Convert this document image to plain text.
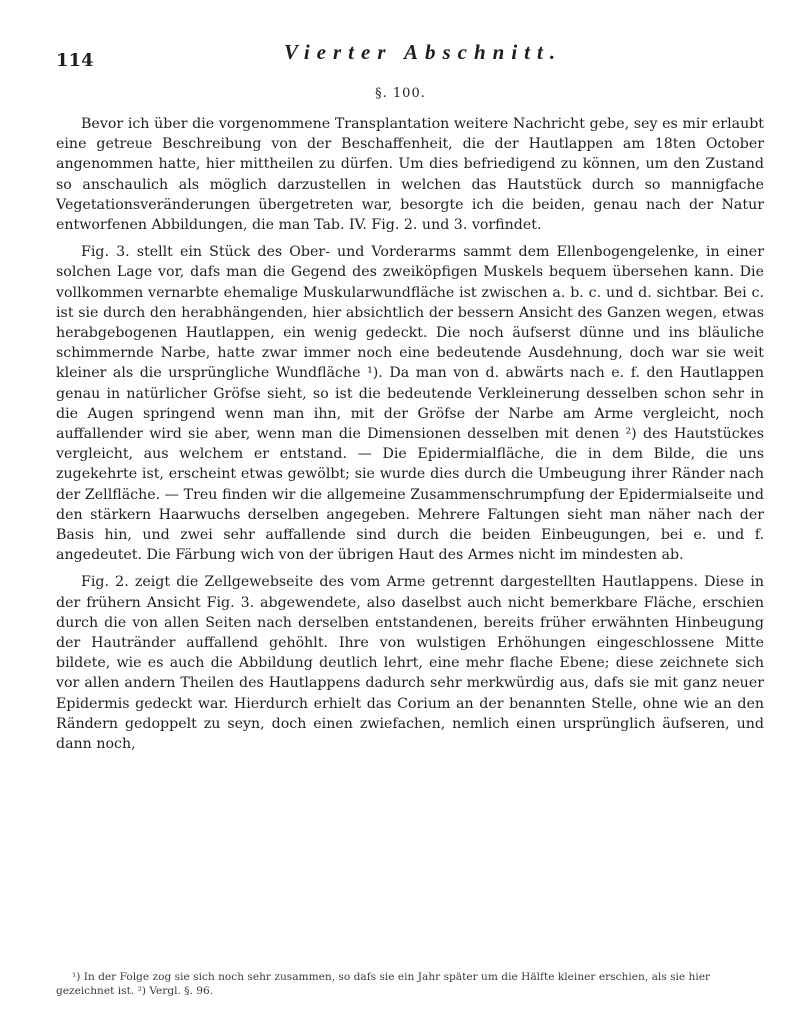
114	Vierter Abschnitt.
§. 100.

Bevor ich über die vorgenommene Transplantation weitere Nachricht gebe, sey es mir erlaubt eine getreue Beschreibung von der Beschaffenheit, die der Hautlappen am 18ten October angenommen hatte, hier mittheilen zu dürfen. Um dies befriedigend zu können, um den Zustand so anschaulich als möglich darzustellen in welchen das Hautstück durch so mannigfache Vegetationsveränderungen übergetreten war, besorgte ich die beiden, genau nach der Natur entworfenen Abbildungen, die man Tab. IV. Fig. 2. und 3. vorfindet.

Fig. 3. stellt ein Stück des Ober- und Vorderarms sammt dem Ellenbogengelenke, in einer solchen Lage vor, dafs man die Gegend des zweiköpfigen Muskels bequem übersehen kann. Die vollkommen vernarbte ehemalige Muskularwundfläche ist zwischen a. b. c. und d. sichtbar. Bei c. ist sie durch den herabhängenden, hier absichtlich der bessern Ansicht des Ganzen wegen, etwas herabgebogenen Hautlappen, ein wenig gedeckt. Die noch äufserst dünne und ins bläuliche schimmernde Narbe, hatte zwar immer noch eine bedeutende Ausdehnung, doch war sie weit kleiner als die ursprüngliche Wundfläche ¹). Da man von d. abwärts nach e. f. den Hautlappen genau in natürlicher Gröfse sieht, so ist die bedeutende Verkleinerung desselben schon sehr in die Augen springend wenn man ihn, mit der Gröfse der Narbe am Arme vergleicht, noch auffallender wird sie aber, wenn man die Dimensionen desselben mit denen ²) des Hautstückes vergleicht, aus welchem er entstand. — Die Epidermialfläche, die in dem Bilde, die uns zugekehrte ist, erscheint etwas gewölbt; sie wurde dies durch die Umbeugung ihrer Ränder nach der Zellfläche. — Treu finden wir die allgemeine Zusammenschrumpfung der Epidermialseite und den stärkern Haarwuchs derselben angegeben. Mehrere Faltungen sieht man näher nach der Basis hin, und zwei sehr auffallende sind durch die beiden Einbeugungen, bei e. und f. angedeutet. Die Färbung wich von der übrigen Haut des Armes nicht im mindesten ab.

Fig. 2. zeigt die Zellgewebseite des vom Arme getrennt dargestellten Hautlappens. Diese in der frühern Ansicht Fig. 3. abgewendete, also daselbst auch nicht bemerkbare Fläche, erschien durch die von allen Seiten nach derselben entstandenen, bereits früher erwähnten Hinbeugung der Hautränder auffallend gehöhlt. Ihre von wulstigen Erhöhungen eingeschlossene Mitte bildete, wie es auch die Abbildung deutlich lehrt, eine mehr flache Ebene; diese zeichnete sich vor allen andern Theilen des Hautlappens dadurch sehr merkwürdig aus, dafs sie mit ganz neuer Epidermis gedeckt war. Hierdurch erhielt das Corium an der benannten Stelle, ohne wie an den Rändern gedoppelt zu seyn, doch einen zwiefachen, nemlich einen ursprünglich äufseren, und dann noch,

¹) In der Folge zog sie sich noch sehr zusammen, so dafs sie ein Jahr später um die Hälfte kleiner erschien, als sie hier gezeichnet ist. ²) Vergl. §. 96.
